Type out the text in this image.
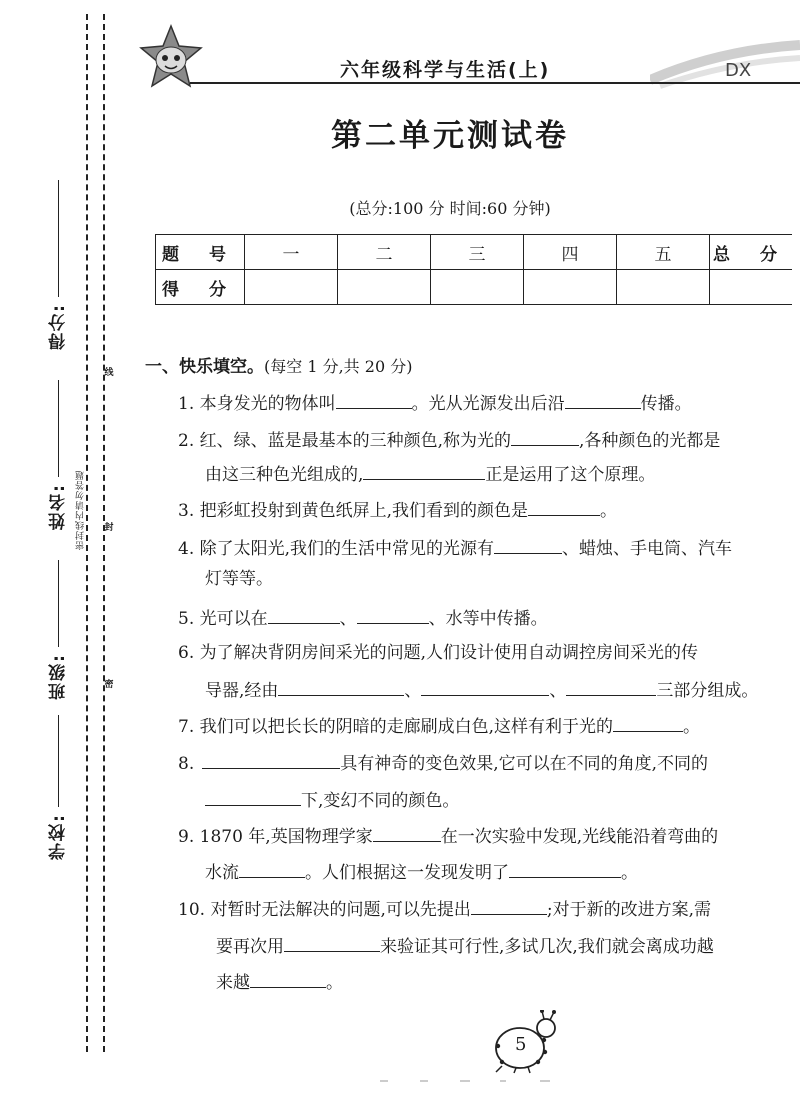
得分:
姓名:
班级:
学校:
线
封
密
密封线内请勿答题
六年级科学与生活(上)	DX
第二单元测试卷
(总分:100 分 时间:60 分钟)
题 号	一	二	三	四	五	总 分
得 分						
一、快乐填空。(每空 1 分,共 20 分)
1. 本身发光的物体叫	。光从光源发出后沿	传播。
2. 红、绿、蓝是最基本的三种颜色,称为光的	,各种颜色的光都是
由这三种色光组成的,	正是运用了这个原理。
3. 把彩虹投射到黄色纸屏上,我们看到的颜色是	。
4. 除了太阳光,我们的生活中常见的光源有	、蜡烛、手电筒、汽车
灯等等。
5. 光可以在	、	、水等中传播。
6. 为了解决背阴房间采光的问题,人们设计使用自动调控房间采光的传
导器,经由	、	、	三部分组成。
7. 我们可以把长长的阴暗的走廊刷成白色,这样有利于光的	。
8.	具有神奇的变色效果,它可以在不同的角度,不同的
下,变幻不同的颜色。
9. 1870 年,英国物理学家	在一次实验中发现,光线能沿着弯曲的
水流	。人们根据这一发现发明了	。
10. 对暂时无法解决的问题,可以先提出	;对于新的改进方案,需
要再次用	来验证其可行性,多试几次,我们就会离成功越
来越	。
5
